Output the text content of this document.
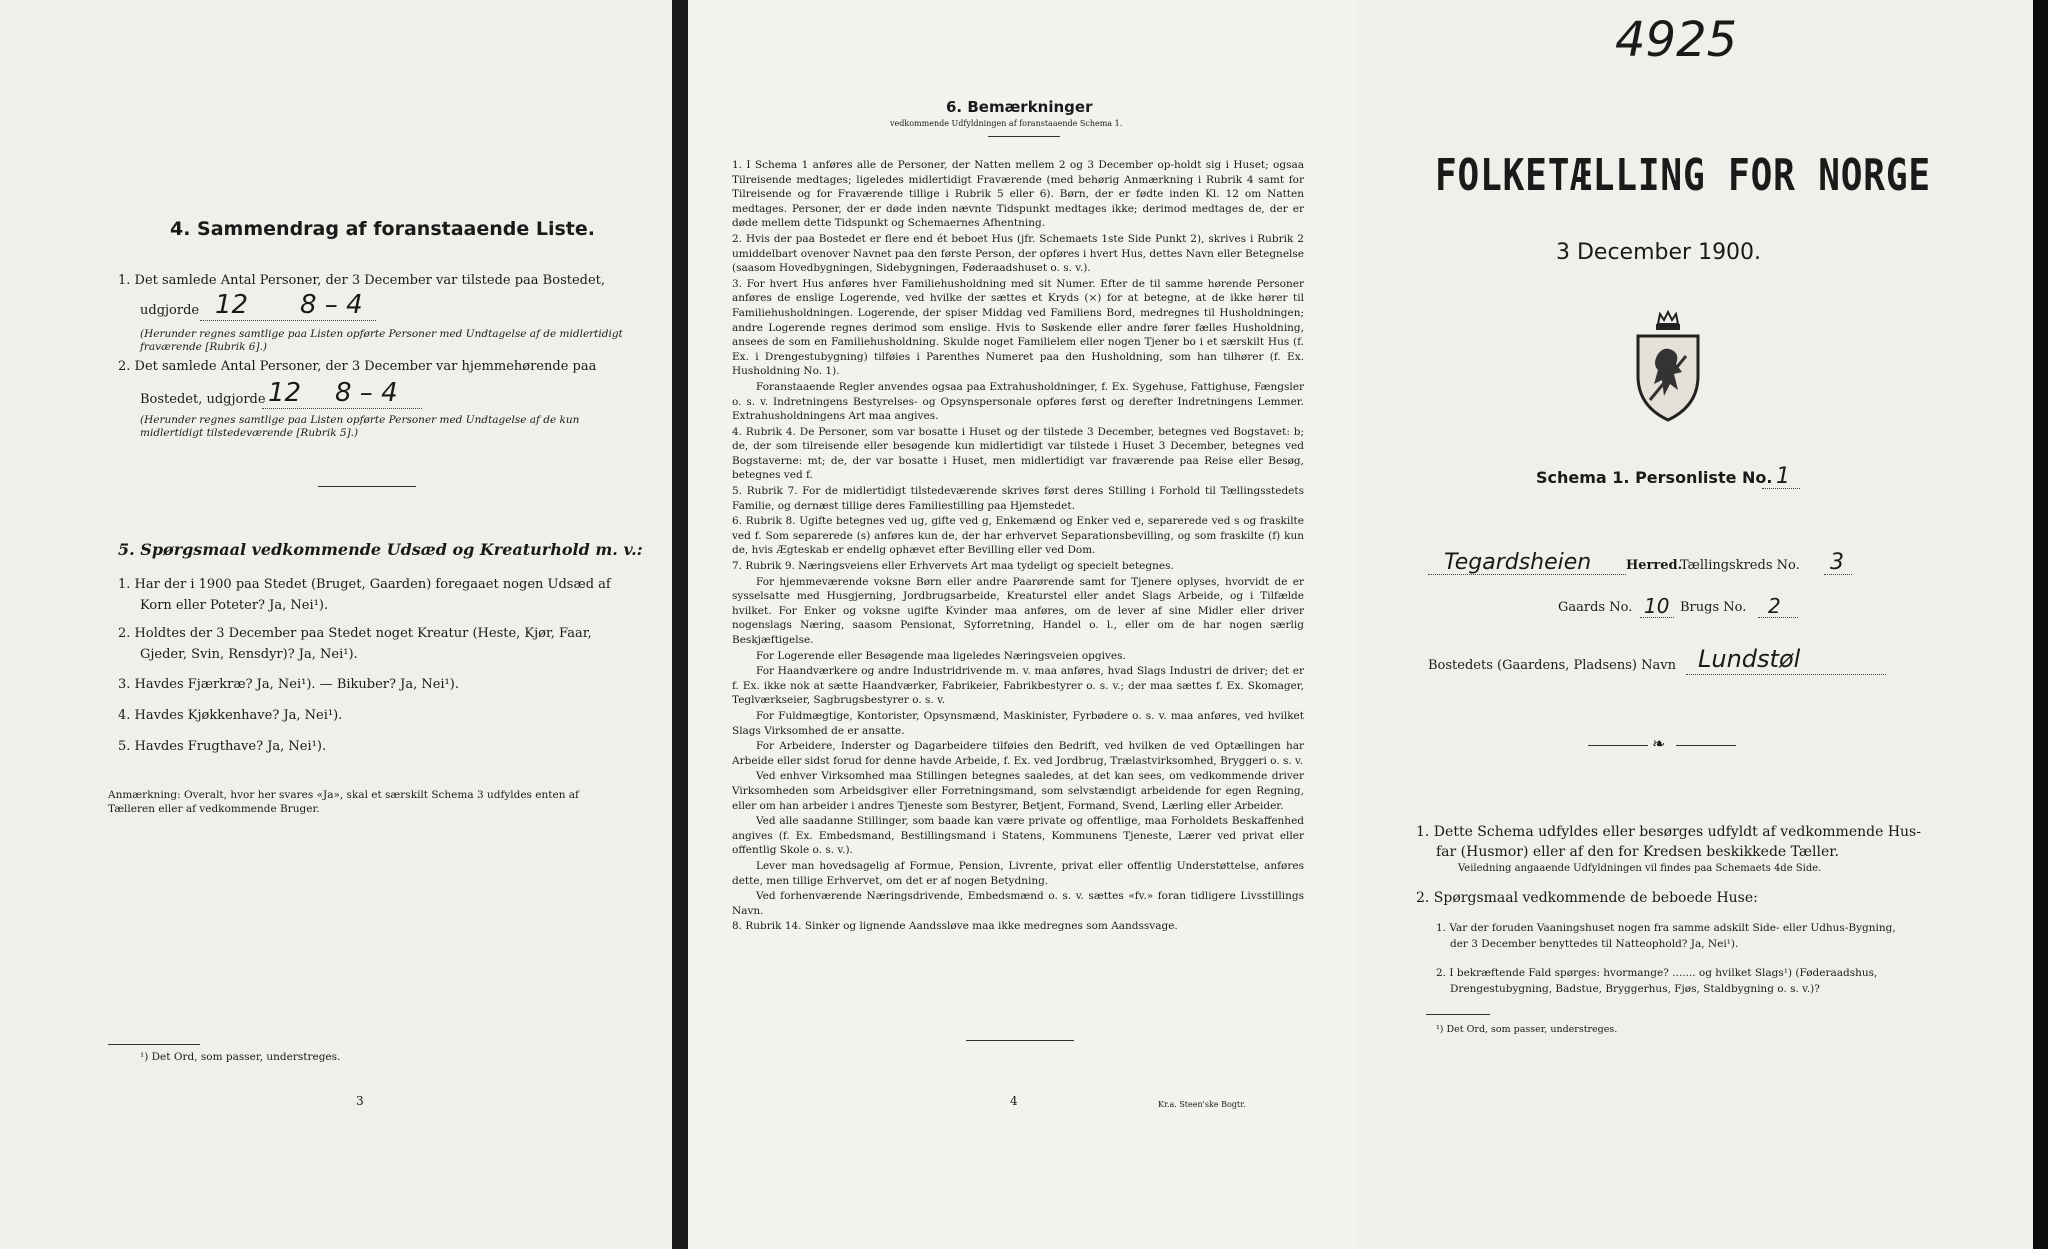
4. Sammendrag af foranstaaende Liste.
1. Det samlede Antal Personer, der 3 December var tilstede paa Bostedet,
udgjorde 12 8 – 4
(Herunder regnes samtlige paa Listen opførte Personer med Undtagelse af de midlertidigt
fraværende [Rubrik 6].)
2. Det samlede Antal Personer, der 3 December var hjemmehørende paa
Bostedet, udgjorde 12 8 – 4
(Herunder regnes samtlige paa Listen opførte Personer med Undtagelse af de kun
midlertidigt tilstedeværende [Rubrik 5].)
5. Spørgsmaal vedkommende Udsæd og Kreaturhold m. v.:
1. Har der i 1900 paa Stedet (Bruget, Gaarden) foregaaet nogen Udsæd af
Korn eller Poteter? Ja, Nei¹).
2. Holdtes der 3 December paa Stedet noget Kreatur (Heste, Kjør, Faar,
Gjeder, Svin, Rensdyr)? Ja, Nei¹).
3. Havdes Fjærkræ? Ja, Nei¹). — Bikuber? Ja, Nei¹).
4. Havdes Kjøkkenhave? Ja, Nei¹).
5. Havdes Frugthave? Ja, Nei¹).
Anmærkning: Overalt, hvor her svares «Ja», skal et særskilt Schema 3 udfyldes enten af
Tælleren eller af vedkommende Bruger.
¹) Det Ord, som passer, understreges.
3
6. Bemærkninger
vedkommende Udfyldningen af foranstaaende Schema 1.

1. I Schema 1 anføres alle de Personer, der Natten mellem 2 og 3 December op-holdt sig i Huset; ogsaa Tilreisende medtages; ligeledes midlertidigt Fraværende (med behørig Anmærkning i Rubrik 4 samt for Tilreisende og for Fraværende tillige i Rubrik 5 eller 6). Børn, der er fødte inden Kl. 12 om Natten medtages. Personer, der er døde inden nævnte Tidspunkt medtages ikke; derimod medtages de, der er døde mellem dette Tidspunkt og Schemaernes Afhentning.

2. Hvis der paa Bostedet er flere end ét beboet Hus (jfr. Schemaets 1ste Side Punkt 2), skrives i Rubrik 2 umiddelbart ovenover Navnet paa den første Person, der opføres i hvert Hus, dettes Navn eller Betegnelse (saasom Hovedbygningen, Sidebygningen, Føderaadshuset o. s. v.).

3. For hvert Hus anføres hver Familiehusholdning med sit Numer. Efter de til samme hørende Personer anføres de enslige Logerende, ved hvilke der sættes et Kryds (×) for at betegne, at de ikke hører til Familiehusholdningen. Logerende, der spiser Middag ved Familiens Bord, medregnes til Husholdningen; andre Logerende regnes derimod som enslige. Hvis to Søskende eller andre fører fælles Husholdning, ansees de som en Familiehusholdning. Skulde noget Familielem eller nogen Tjener bo i et særskilt Hus (f. Ex. i Drengestubygning) tilføies i Parenthes Numeret paa den Husholdning, som han tilhører (f. Ex. Husholdning No. 1).

Foranstaaende Regler anvendes ogsaa paa Extrahusholdninger, f. Ex. Sygehuse, Fattighuse, Fængsler o. s. v. Indretningens Bestyrelses- og Opsynspersonale opføres først og derefter Indretningens Lemmer. Extrahusholdningens Art maa angives.

4. Rubrik 4. De Personer, som var bosatte i Huset og der tilstede 3 December, betegnes ved Bogstavet: b; de, der som tilreisende eller besøgende kun midlertidigt var tilstede i Huset 3 December, betegnes ved Bogstaverne: mt; de, der var bosatte i Huset, men midlertidigt var fraværende paa Reise eller Besøg, betegnes ved f.

5. Rubrik 7. For de midlertidigt tilstedeværende skrives først deres Stilling i Forhold til Tællingsstedets Familie, og dernæst tillige deres Familiestilling paa Hjemstedet.

6. Rubrik 8. Ugifte betegnes ved ug, gifte ved g, Enkemænd og Enker ved e, separerede ved s og fraskilte ved f. Som separerede (s) anføres kun de, der har erhvervet Separationsbevilling, og som fraskilte (f) kun de, hvis Ægteskab er endelig ophævet efter Bevilling eller ved Dom.

7. Rubrik 9. Næringsveiens eller Erhvervets Art maa tydeligt og specielt betegnes.

For hjemmeværende voksne Børn eller andre Paarørende samt for Tjenere oplyses, hvorvidt de er sysselsatte med Husgjerning, Jordbrugsarbeide, Kreaturstel eller andet Slags Arbeide, og i Tilfælde hvilket. For Enker og voksne ugifte Kvinder maa anføres, om de lever af sine Midler eller driver nogenslags Næring, saasom Pensionat, Syforretning, Handel o. l., eller om de har nogen særlig Beskjæftigelse.

For Logerende eller Besøgende maa ligeledes Næringsveien opgives.

For Haandværkere og andre Industridrivende m. v. maa anføres, hvad Slags Industri de driver; det er f. Ex. ikke nok at sætte Haandværker, Fabrikeier, Fabrikbestyrer o. s. v.; der maa sættes f. Ex. Skomager, Teglværkseier, Sagbrugsbestyrer o. s. v.

For Fuldmægtige, Kontorister, Opsynsmænd, Maskinister, Fyrbødere o. s. v. maa anføres, ved hvilket Slags Virksomhed de er ansatte.

For Arbeidere, Inderster og Dagarbeidere tilføies den Bedrift, ved hvilken de ved Optællingen har Arbeide eller sidst forud for denne havde Arbeide, f. Ex. ved Jordbrug, Trælastvirksomhed, Bryggeri o. s. v.

Ved enhver Virksomhed maa Stillingen betegnes saaledes, at det kan sees, om vedkommende driver Virksomheden som Arbeidsgiver eller Forretningsmand, som selvstændigt arbeidende for egen Regning, eller om han arbeider i andres Tjeneste som Bestyrer, Betjent, Formand, Svend, Lærling eller Arbeider.

Ved alle saadanne Stillinger, som baade kan være private og offentlige, maa Forholdets Beskaffenhed angives (f. Ex. Embedsmand, Bestillingsmand i Statens, Kommunens Tjeneste, Lærer ved privat eller offentlig Skole o. s. v.).

Lever man hovedsagelig af Formue, Pension, Livrente, privat eller offentlig Understøttelse, anføres dette, men tillige Erhvervet, om det er af nogen Betydning.

Ved forhenværende Næringsdrivende, Embedsmænd o. s. v. sættes «fv.» foran tidligere Livsstillings Navn.

8. Rubrik 14. Sinker og lignende Aandssløve maa ikke medregnes som Aandssvage.

4	Kr.a. Steen'ske Bogtr.
4925
FOLKETÆLLING FOR NORGE
3 December 1900.
Schema 1. Personliste No. 1
Tegardsheien	Herred.
Tællingskreds No. 3
Gaards No. 10 Brugs No. 2
Bostedets (Gaardens, Pladsens) Navn Lundstøl
❧
1. Dette Schema udfyldes eller besørges udfyldt af vedkommende Hus-
far (Husmor) eller af den for Kredsen beskikkede Tæller.
Veiledning angaaende Udfyldningen vil findes paa Schemaets 4de Side.
2. Spørgsmaal vedkommende de beboede Huse:
1. Var der foruden Vaaningshuset nogen fra samme adskilt Side- eller Udhus-Bygning,
der 3 December benyttedes til Natteophold? Ja, Nei¹).
2. I bekræftende Fald spørges: hvormange? ....... og hvilket Slags¹) (Føderaadshus,
Drengestubygning, Badstue, Bryggerhus, Fjøs, Staldbygning o. s. v.)?
¹) Det Ord, som passer, understreges.
